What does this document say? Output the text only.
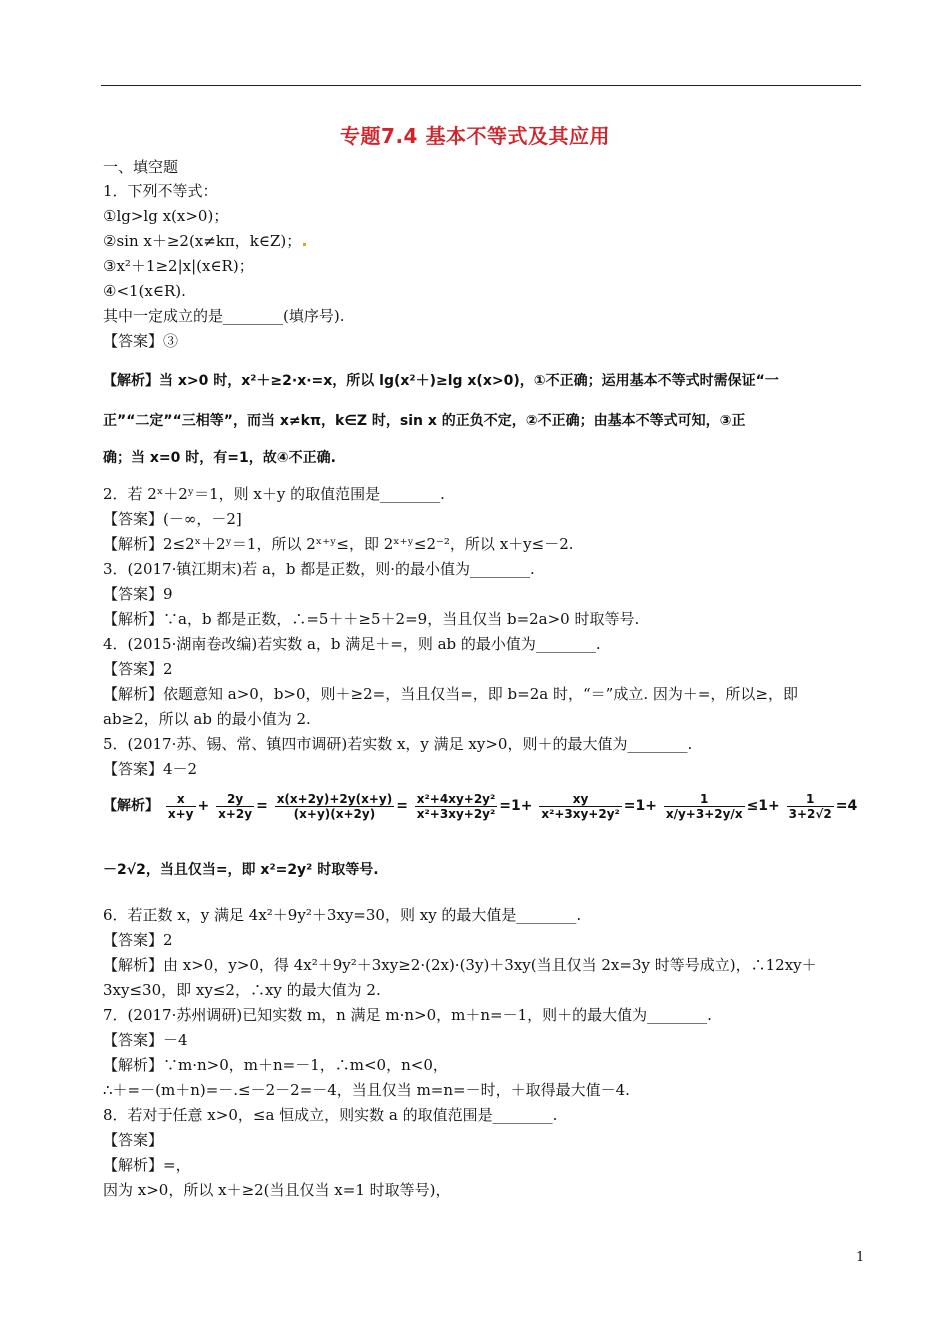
专题7.4 基本不等式及其应用
一、填空题
1．下列不等式：
①lg>lg x(x>0)；
②sin x＋≥2(x≠kπ，k∈Z)；
③x²＋1≥2|x|(x∈R)；
④<1(x∈R).
其中一定成立的是________(填序号).
【答案】③
【解析】当 x>0 时，x²＋≥2·x·=x，所以 lg(x²＋)≥lg x(x>0)，①不正确；运用基本不等式时需保证“一
正”“二定”“三相等”，而当 x≠kπ，k∈Z 时，sin x 的正负不定，②不正确；由基本不等式可知，③正
确；当 x=0 时，有=1，故④不正确.
2．若 2ˣ＋2ʸ＝1，则 x＋y 的取值范围是________.
【答案】(－∞，－2]
【解析】2≤2ˣ＋2ʸ＝1，所以 2ˣ⁺ʸ≤，即 2ˣ⁺ʸ≤2⁻²，所以 x＋y≤－2.
3．(2017·镇江期末)若 a，b 都是正数，则·的最小值为________.
【答案】9
【解析】∵a，b 都是正数，∴=5＋＋≥5＋2=9，当且仅当 b=2a>0 时取等号.
4．(2015·湖南卷改编)若实数 a，b 满足＋=，则 ab 的最小值为________.
【答案】2
【解析】依题意知 a>0，b>0，则＋≥2=，当且仅当=，即 b=2a 时，“＝”成立. 因为＋=，所以≥，即
ab≥2，所以 ab 的最小值为 2.
5．(2017·苏、锡、常、镇四市调研)若实数 x，y 满足 xy>0，则＋的最大值为________.
【答案】4－2
【解析】 $\frac{x}{x+y} + \frac{2y}{x+2y} = \frac{x(x+2y)+2y(x+y)}{(x+y)(x+2y)} = \frac{\text{x²+4xy+2y²}}{\text{x²+3xy+2y²}} =1+ \frac{xy}{\text{x²+3xy+2y²}} =1+ \frac{1}{x/y+3+2y/x} \le 1+ \frac{1}{3+2√2} =4$
－2√2，当且仅当=，即 x²=2y² 时取等号.
6．若正数 x，y 满足 4x²＋9y²＋3xy=30，则 xy 的最大值是________.
【答案】2
【解析】由 x>0，y>0，得 4x²＋9y²＋3xy≥2·(2x)·(3y)＋3xy(当且仅当 2x=3y 时等号成立)，∴12xy＋
3xy≤30，即 xy≤2，∴xy 的最大值为 2.
7．(2017·苏州调研)已知实数 m，n 满足 m·n>0，m＋n=－1，则＋的最大值为________.
【答案】－4
【解析】∵m·n>0，m＋n=－1，∴m<0，n<0，
∴＋=－(m＋n)=－.≤－2－2=－4，当且仅当 m=n=－时，＋取得最大值－4.
8．若对于任意 x>0，≤a 恒成立，则实数 a 的取值范围是________.
【答案】
【解析】=，
因为 x>0，所以 x＋≥2(当且仅当 x=1 时取等号)，
1
